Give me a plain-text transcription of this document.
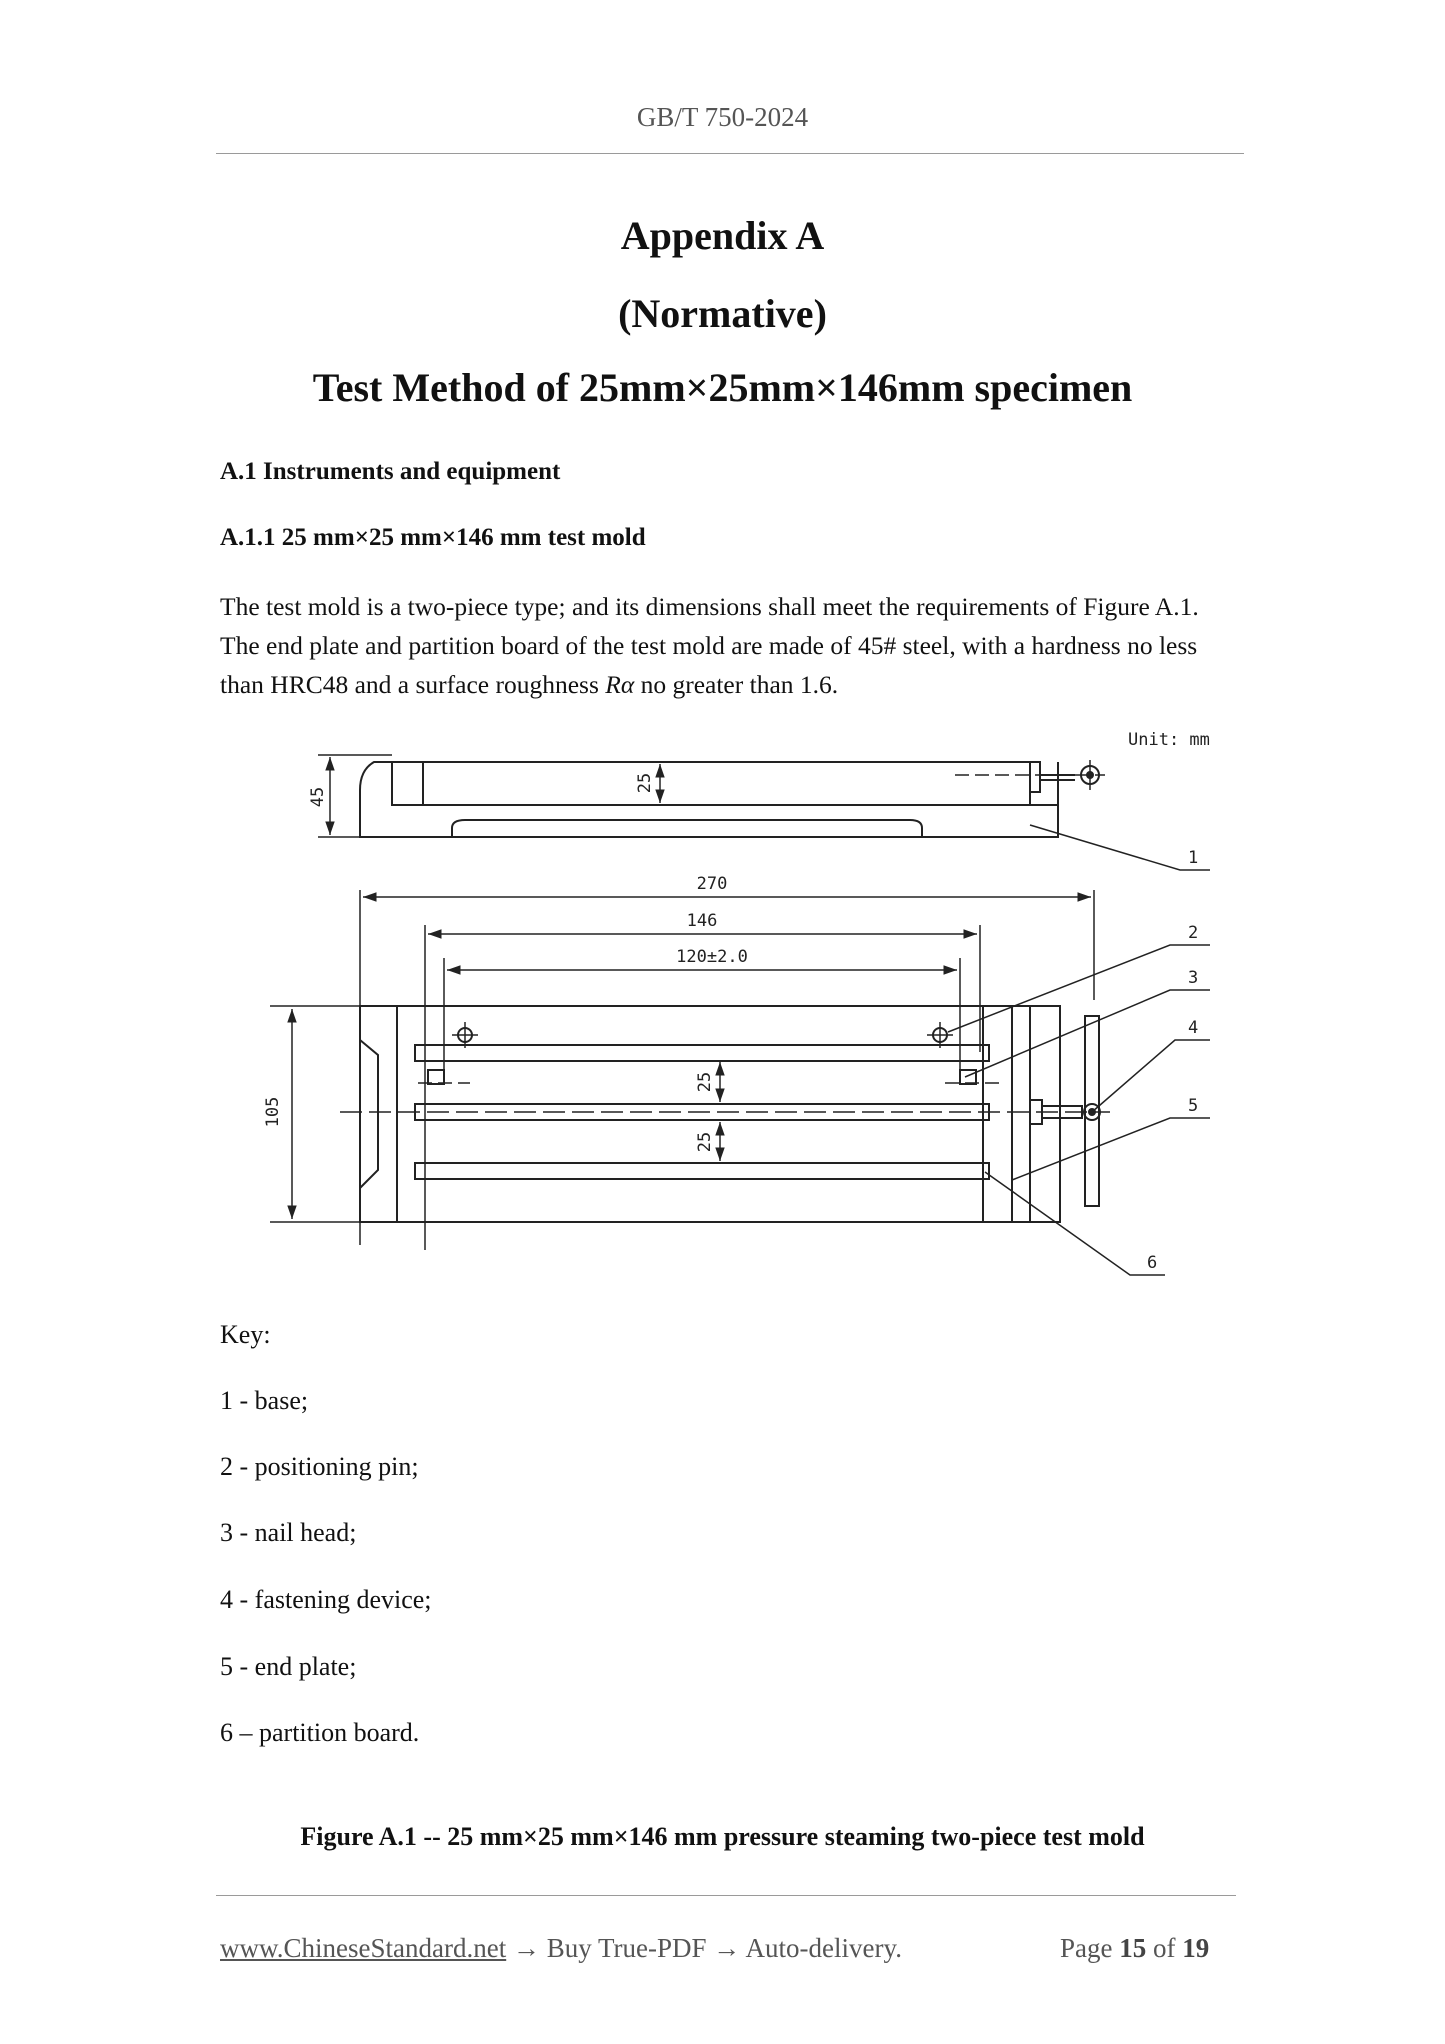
GB/T 750-2024
Appendix A
(Normative)
Test Method of 25mm×25mm×146mm specimen
A.1 Instruments and equipment
A.1.1 25 mm×25 mm×146 mm test mold
The test mold is a two-piece type; and its dimensions shall meet the requirements of Figure A.1.
The end plate and partition board of the test mold are made of 45# steel, with a hardness no less
than HRC48 and a surface roughness Rα no greater than 1.6.
Unit: mm
45
25
270
146
120±2.0
105
25
25
1
2
3
4
5
6
Key:
1 - base;
2 - positioning pin;
3 - nail head;
4 - fastening device;
5 - end plate;
6 – partition board.
Figure A.1 -- 25 mm×25 mm×146 mm pressure steaming two-piece test mold
www.ChineseStandard.net → Buy True-PDF → Auto-delivery.	Page 15 of 19
